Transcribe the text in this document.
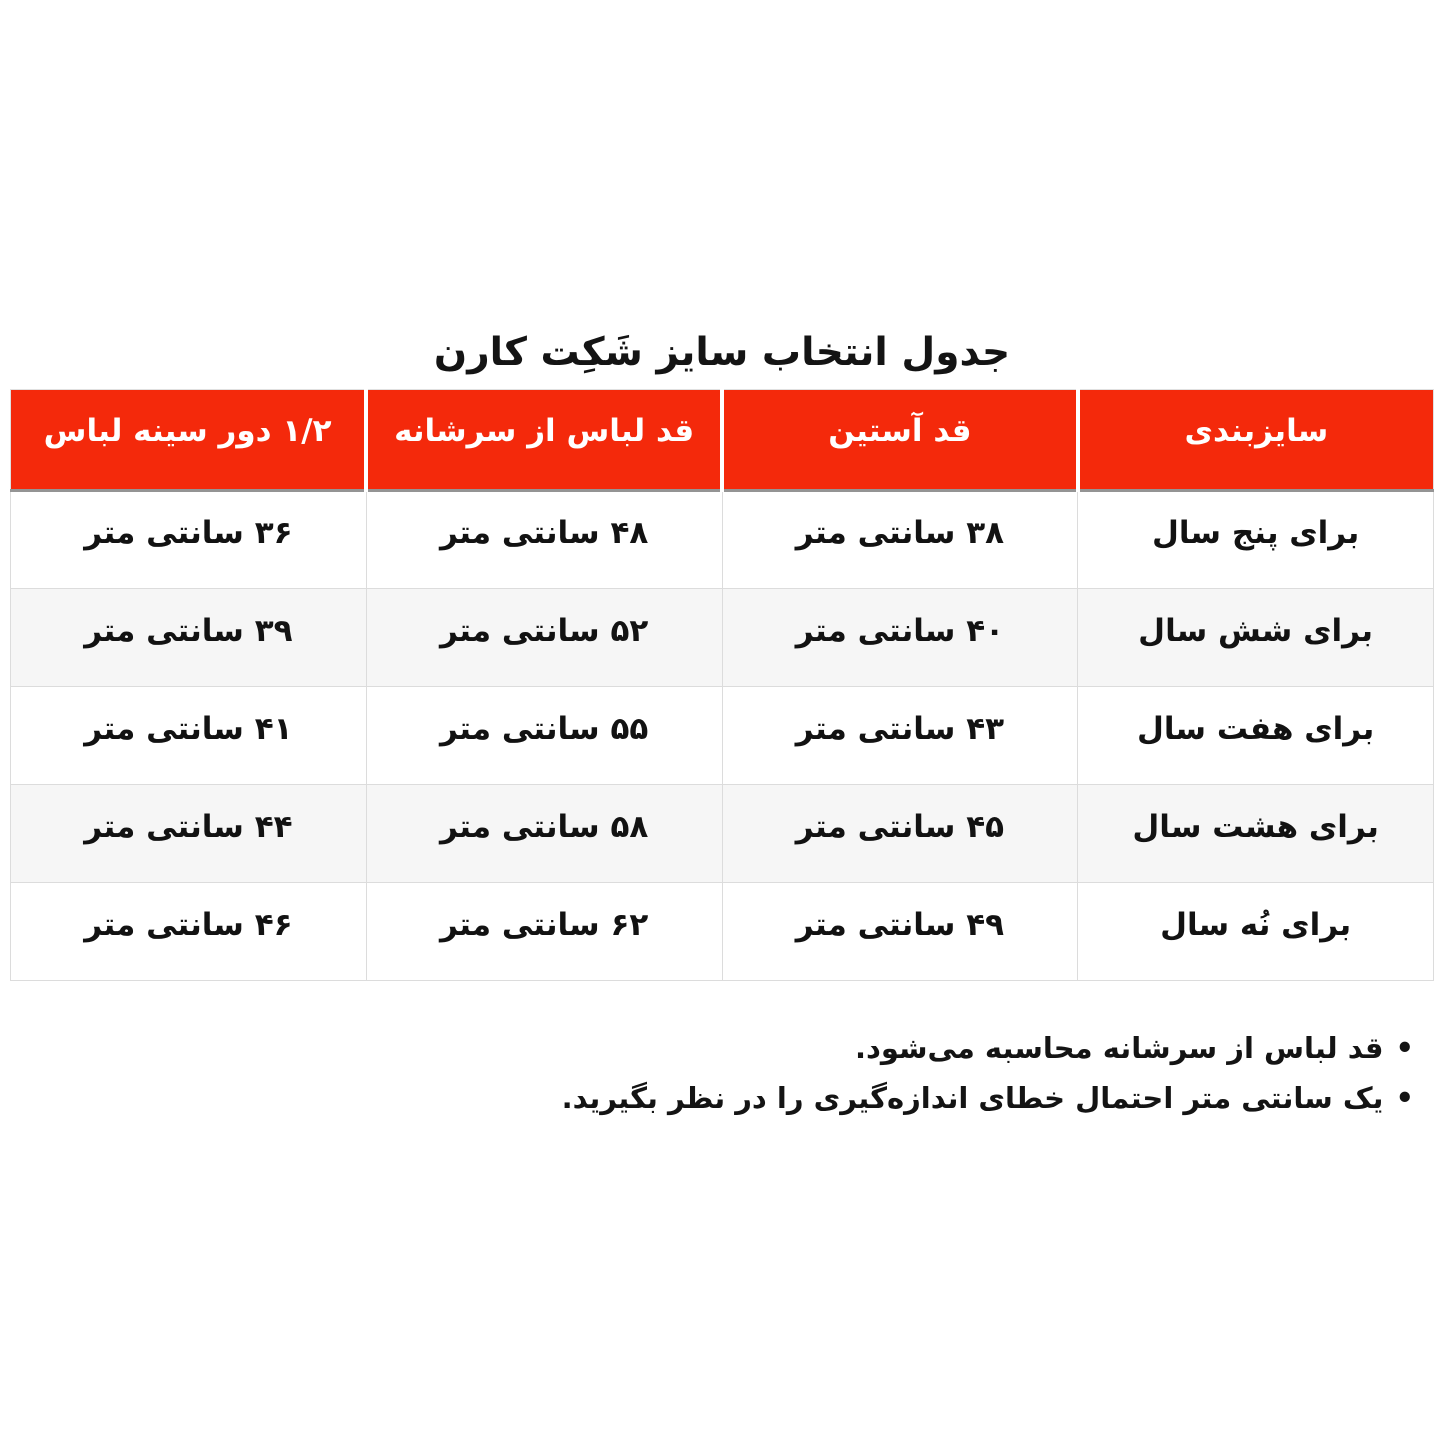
جدول انتخاب سایز شَکِت کارن
سایزبندی	قد آستین	قد لباس از سرشانه	۱/۲ دور سینه لباس
برای پنج سال	۳۸ سانتی متر	۴۸ سانتی متر	۳۶ سانتی متر
برای شش سال	۴۰ سانتی متر	۵۲ سانتی متر	۳۹ سانتی متر
برای هفت سال	۴۳ سانتی متر	۵۵ سانتی متر	۴۱ سانتی متر
برای هشت سال	۴۵ سانتی متر	۵۸ سانتی متر	۴۴ سانتی متر
برای نُه سال	۴۹ سانتی متر	۶۲ سانتی متر	۴۶ سانتی متر
•
قد لباس از سرشانه محاسبه می‌شود.
•
یک سانتی متر احتمال خطای اندازه‌گیری را در نظر بگیرید.
